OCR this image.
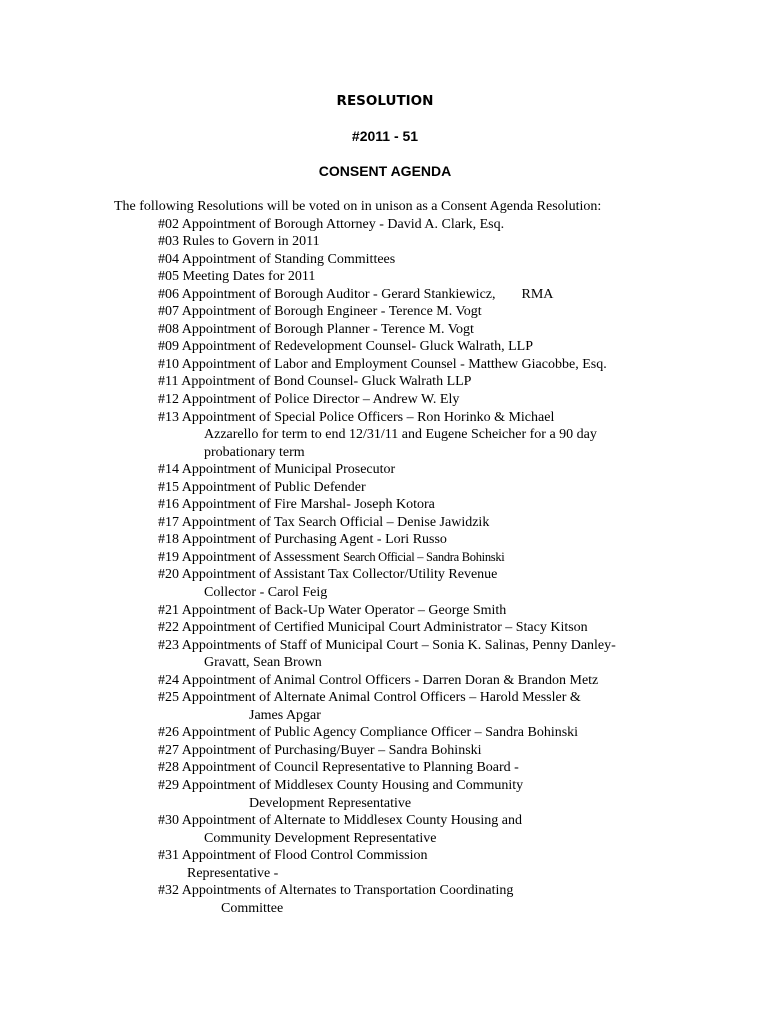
RESOLUTION
#2011 - 51
CONSENT AGENDA
The following Resolutions will be voted on in unison as a Consent Agenda Resolution:
#02 Appointment of Borough Attorney - David A. Clark, Esq.
#03 Rules to Govern in 2011
#04 Appointment of Standing Committees
#05 Meeting Dates for 2011
#06 Appointment of Borough Auditor - Gerard Stankiewicz, RMA
#07 Appointment of Borough Engineer - Terence M. Vogt
#08 Appointment of Borough Planner - Terence M. Vogt
#09 Appointment of Redevelopment Counsel- Gluck Walrath, LLP
#10 Appointment of Labor and Employment Counsel - Matthew Giacobbe, Esq.
#11 Appointment of Bond Counsel- Gluck Walrath LLP
#12 Appointment of Police Director – Andrew W. Ely
#13 Appointment of Special Police Officers – Ron Horinko & Michael
Azzarello for term to end 12/31/11 and Eugene Scheicher for a 90 day
probationary term
#14 Appointment of Municipal Prosecutor
#15 Appointment of Public Defender
#16 Appointment of Fire Marshal- Joseph Kotora
#17 Appointment of Tax Search Official – Denise Jawidzik
#18 Appointment of Purchasing Agent - Lori Russo
#19 Appointment of Assessment Search Official – Sandra Bohinski
#20 Appointment of Assistant Tax Collector/Utility Revenue
Collector - Carol Feig
#21 Appointment of Back-Up Water Operator – George Smith
#22 Appointment of Certified Municipal Court Administrator – Stacy Kitson
#23 Appointments of Staff of Municipal Court – Sonia K. Salinas, Penny Danley-
Gravatt, Sean Brown
#24 Appointment of Animal Control Officers - Darren Doran & Brandon Metz
#25 Appointment of Alternate Animal Control Officers – Harold Messler &
James Apgar
#26 Appointment of Public Agency Compliance Officer – Sandra Bohinski
#27 Appointment of Purchasing/Buyer – Sandra Bohinski
#28 Appointment of Council Representative to Planning Board -
#29 Appointment of Middlesex County Housing and Community
Development Representative
#30 Appointment of Alternate to Middlesex County Housing and
Community Development Representative
#31 Appointment of Flood Control Commission
Representative -
#32 Appointments of Alternates to Transportation Coordinating
Committee
